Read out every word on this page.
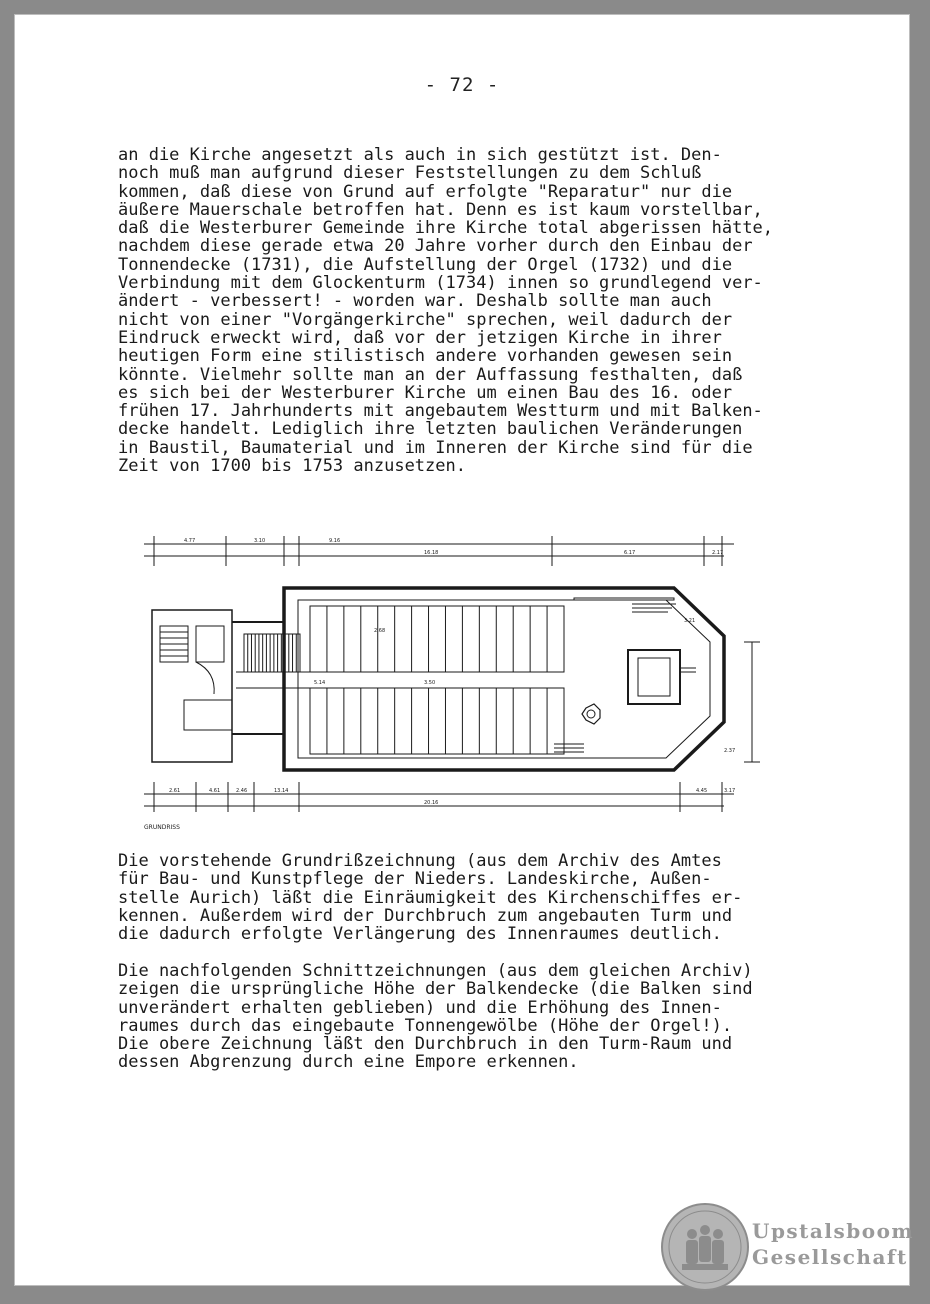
- 72 -
an die Kirche angesetzt als auch in sich gestützt ist. Den-
noch muß man aufgrund dieser Feststellungen zu dem Schluß
kommen, daß diese von Grund auf erfolgte "Reparatur" nur die
äußere Mauerschale betroffen hat. Denn es ist kaum vorstellbar,
daß die Westerburer Gemeinde ihre Kirche total abgerissen hätte,
nachdem diese gerade etwa 20 Jahre vorher durch den Einbau der
Tonnendecke (1731), die Aufstellung der Orgel (1732) und die
Verbindung mit dem Glockenturm (1734) innen so grundlegend ver-
ändert - verbessert! - worden war. Deshalb sollte man auch
nicht von einer "Vorgängerkirche" sprechen, weil dadurch der
Eindruck erweckt wird, daß vor der jetzigen Kirche in ihrer
heutigen Form eine stilistisch andere vorhanden gewesen sein
könnte. Vielmehr sollte man an der Auffassung festhalten, daß
es sich bei der Westerburer Kirche um einen Bau des 16. oder
frühen 17. Jahrhunderts mit angebautem Westturm und mit Balken-
decke handelt. Lediglich ihre letzten baulichen Veränderungen
in Baustil, Baumaterial und im Inneren der Kirche sind für die
Zeit von 1700 bis 1753 anzusetzen.
4.77	3.10	9.16
16.18	6.17	2.17
2.61	4.61	2.46	13.14
20.16
4.45	3.17
5.14	3.50
2.68
2.37
3.21
GRUNDRISS
Die vorstehende Grundrißzeichnung (aus dem Archiv des Amtes
für Bau- und Kunstpflege der Nieders. Landeskirche, Außen-
stelle Aurich) läßt die Einräumigkeit des Kirchenschiffes er-
kennen. Außerdem wird der Durchbruch zum angebauten Turm und
die dadurch erfolgte Verlängerung des Innenraumes deutlich.
Die nachfolgenden Schnittzeichnungen (aus dem gleichen Archiv)
zeigen die ursprüngliche Höhe der Balkendecke (die Balken sind
unverändert erhalten geblieben) und die Erhöhung des Innen-
raumes durch das eingebaute Tonnengewölbe (Höhe der Orgel!).
Die obere Zeichnung läßt den Durchbruch in den Turm-Raum und
dessen Abgrenzung durch eine Empore erkennen.
Upstalsboom
Gesellschaft
